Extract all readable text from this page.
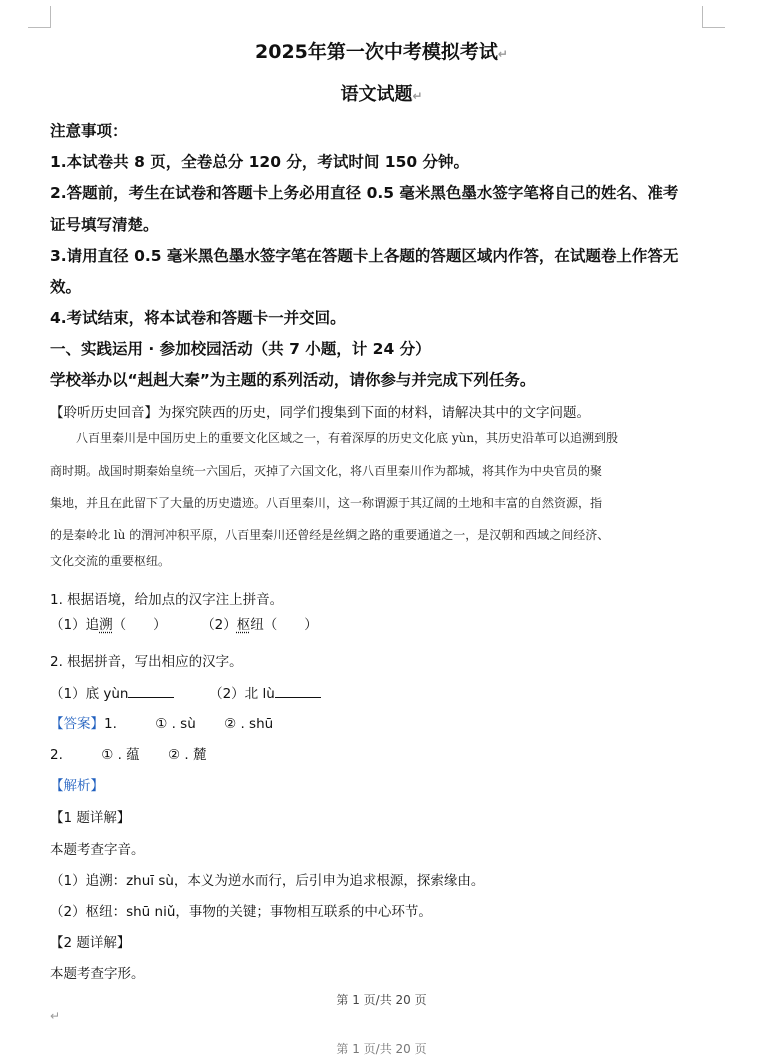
2025年第一次中考模拟考试↵
语文试题↵
注意事项：
1.本试卷共 8 页，全卷总分 120 分，考试时间 150 分钟。
2.答题前，考生在试卷和答题卡上务必用直径 0.5 毫米黑色墨水签字笔将自己的姓名、准考
证号填写清楚。
3.请用直径 0.5 毫米黑色墨水签字笔在答题卡上各题的答题区域内作答，在试题卷上作答无
效。
4.考试结束，将本试卷和答题卡一并交回。
一、实践运用 · 参加校园活动（共 7 小题，计 24 分）
学校举办以“赳赳大秦”为主题的系列活动，请你参与并完成下列任务。
【聆听历史回音】为探究陕西的历史，同学们搜集到下面的材料，请解决其中的文字问题。
八百里秦川是中国历史上的重要文化区域之一，有着深厚的历史文化底 yùn，其历史沿革可以追溯到殷
商时期。战国时期秦始皇统一六国后，灭掉了六国文化，将八百里秦川作为都城，将其作为中央官员的聚
集地，并且在此留下了大量的历史遗迹。八百里秦川，这一称谓源于其辽阔的土地和丰富的自然资源，指
的是秦岭北 lù 的渭河冲积平原，八百里秦川还曾经是丝绸之路的重要通道之一，是汉朝和西域之间经济、
文化交流的重要枢纽。
1. 根据语境，给加点的汉字注上拼音。
（1）追溯（　　）	（2）枢纽（　　）
2. 根据拼音，写出相应的汉字。
（1）底 yùn	（2）北 lù
【答案】1.	① . sù ② . shū
2.	① . 蕴 ② . 麓
【解析】
【1 题详解】
本题考查字音。
（1）追溯：zhuī sù，本义为逆水而行，后引申为追求根源，探索缘由。
（2）枢纽：shū niǔ，事物的关键；事物相互联系的中心环节。
【2 题详解】
本题考查字形。
第 1 页/共 20 页
↵
第 1 页/共 20 页
